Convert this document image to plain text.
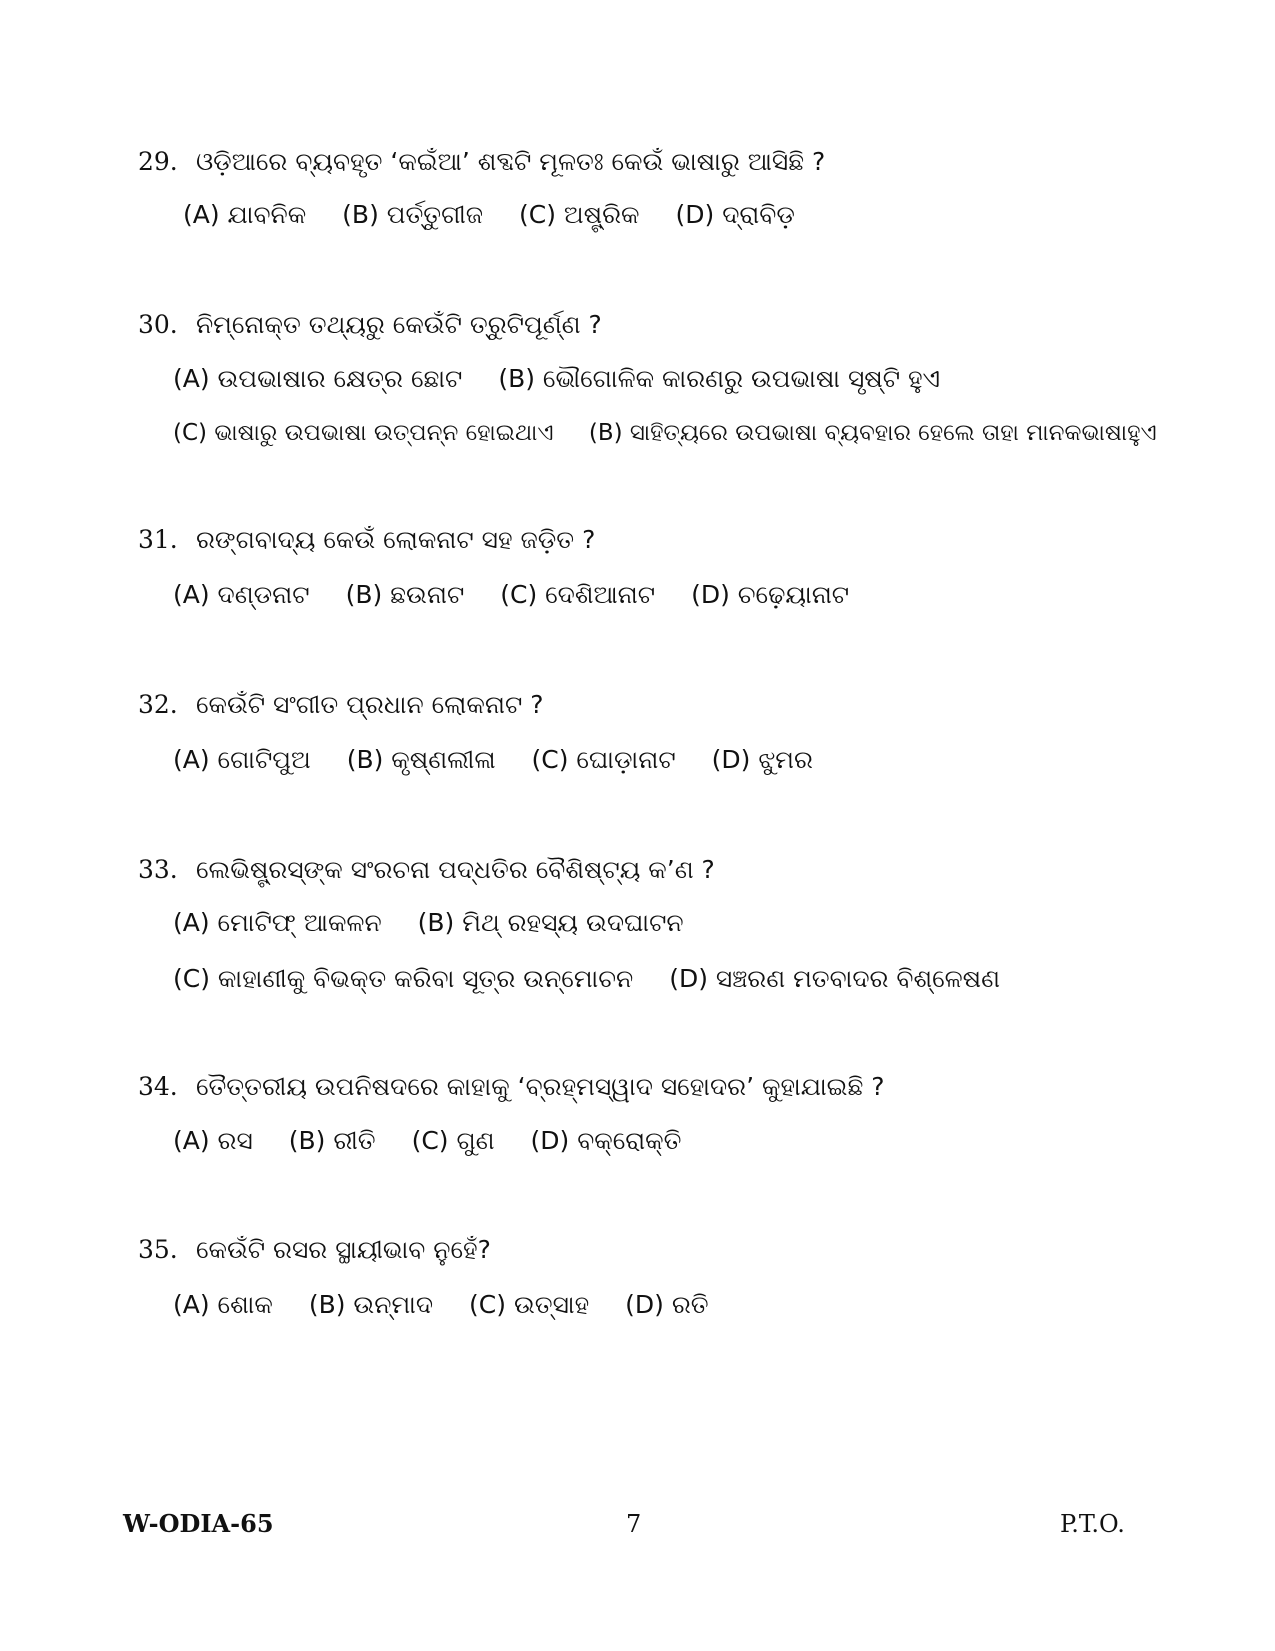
29. ଓଡ଼ିଆରେ ବ୍ୟବହୃତ ‘କଇଁଆ’ ଶବ୍ଦଟି ମୂଳତଃ କେଉଁ ଭାଷାରୁ ଆସିଛି ?
(A) ଯାବନିକ (B) ପର୍ତ୍ତୁଗୀଜ (C) ଅଷ୍ଟ୍ରିକ (D) ଦ୍ରାବିଡ଼
30. ନିମ୍ନୋକ୍ତ ତଥ୍ୟରୁ କେଉଁଟି ତ୍ରୁଟିପୂର୍ଣ୍ଣ ?
(A) ଉପଭାଷାର କ୍ଷେତ୍ର ଛୋଟ (B) ଭୌଗୋଳିକ କାରଣରୁ ଉପଭାଷା ସୃଷ୍ଟି ହୁଏ
(C) ଭାଷାରୁ ଉପଭାଷା ଉତ୍ପନ୍ନ ହୋଇଥାଏ (B) ସାହିତ୍ୟରେ ଉପଭାଷା ବ୍ୟବହାର ହେଲେ ତାହା ମାନକଭାଷାହୁଏ
31. ରଙ୍ଗବାଦ୍ୟ କେଉଁ ଲୋକନାଟ ସହ ଜଡ଼ିତ ?
(A) ଦଣ୍ଡନାଟ (B) ଛଉନାଟ (C) ଦେଶିଆନାଟ (D) ଚଢ଼େୟାନାଟ
32. କେଉଁଟି ସଂଗୀତ ପ୍ରଧାନ ଲୋକନାଟ ?
(A) ଗୋଟିପୁଅ (B) କୃଷ୍ଣଲୀଳା (C) ଘୋଡ଼ାନାଟ (D) ଝୁମର
33. ଲେଭିଷ୍ଟ୍ରସ୍‌ଙ୍କ ସଂରଚନା ପଦ୍ଧତିର ବୈଶିଷ୍ଟ୍ୟ କ’ଣ ?
(A) ମୋଟିଫ୍ ଆକଳନ (B) ମିଥ୍ ରହସ୍ୟ ଉଦଘାଟନ
(C) କାହାଣୀକୁ ବିଭକ୍ତ କରିବା ସୂତ୍ର ଉନ୍ମୋଚନ (D) ସଞ୍ଚରଣ ମତବାଦର ବିଶ୍ଳେଷଣ
34. ତୈତ୍ତରୀୟ ଉପନିଷଦରେ କାହାକୁ ‘ବ୍ରହ୍ମସ୍ୱାଦ ସହୋଦର’ କୁହାଯାଇଛି ?
(A) ରସ (B) ରୀତି (C) ଗୁଣ (D) ବକ୍ରୋକ୍ତି
35. କେଉଁଟି ରସର ସ୍ଥାୟୀଭାବ ନୁହେଁ?
(A) ଶୋକ (B) ଉନ୍ମାଦ (C) ଉତ୍ସାହ (D) ରତି
W-ODIA-65	7	P.T.O.
